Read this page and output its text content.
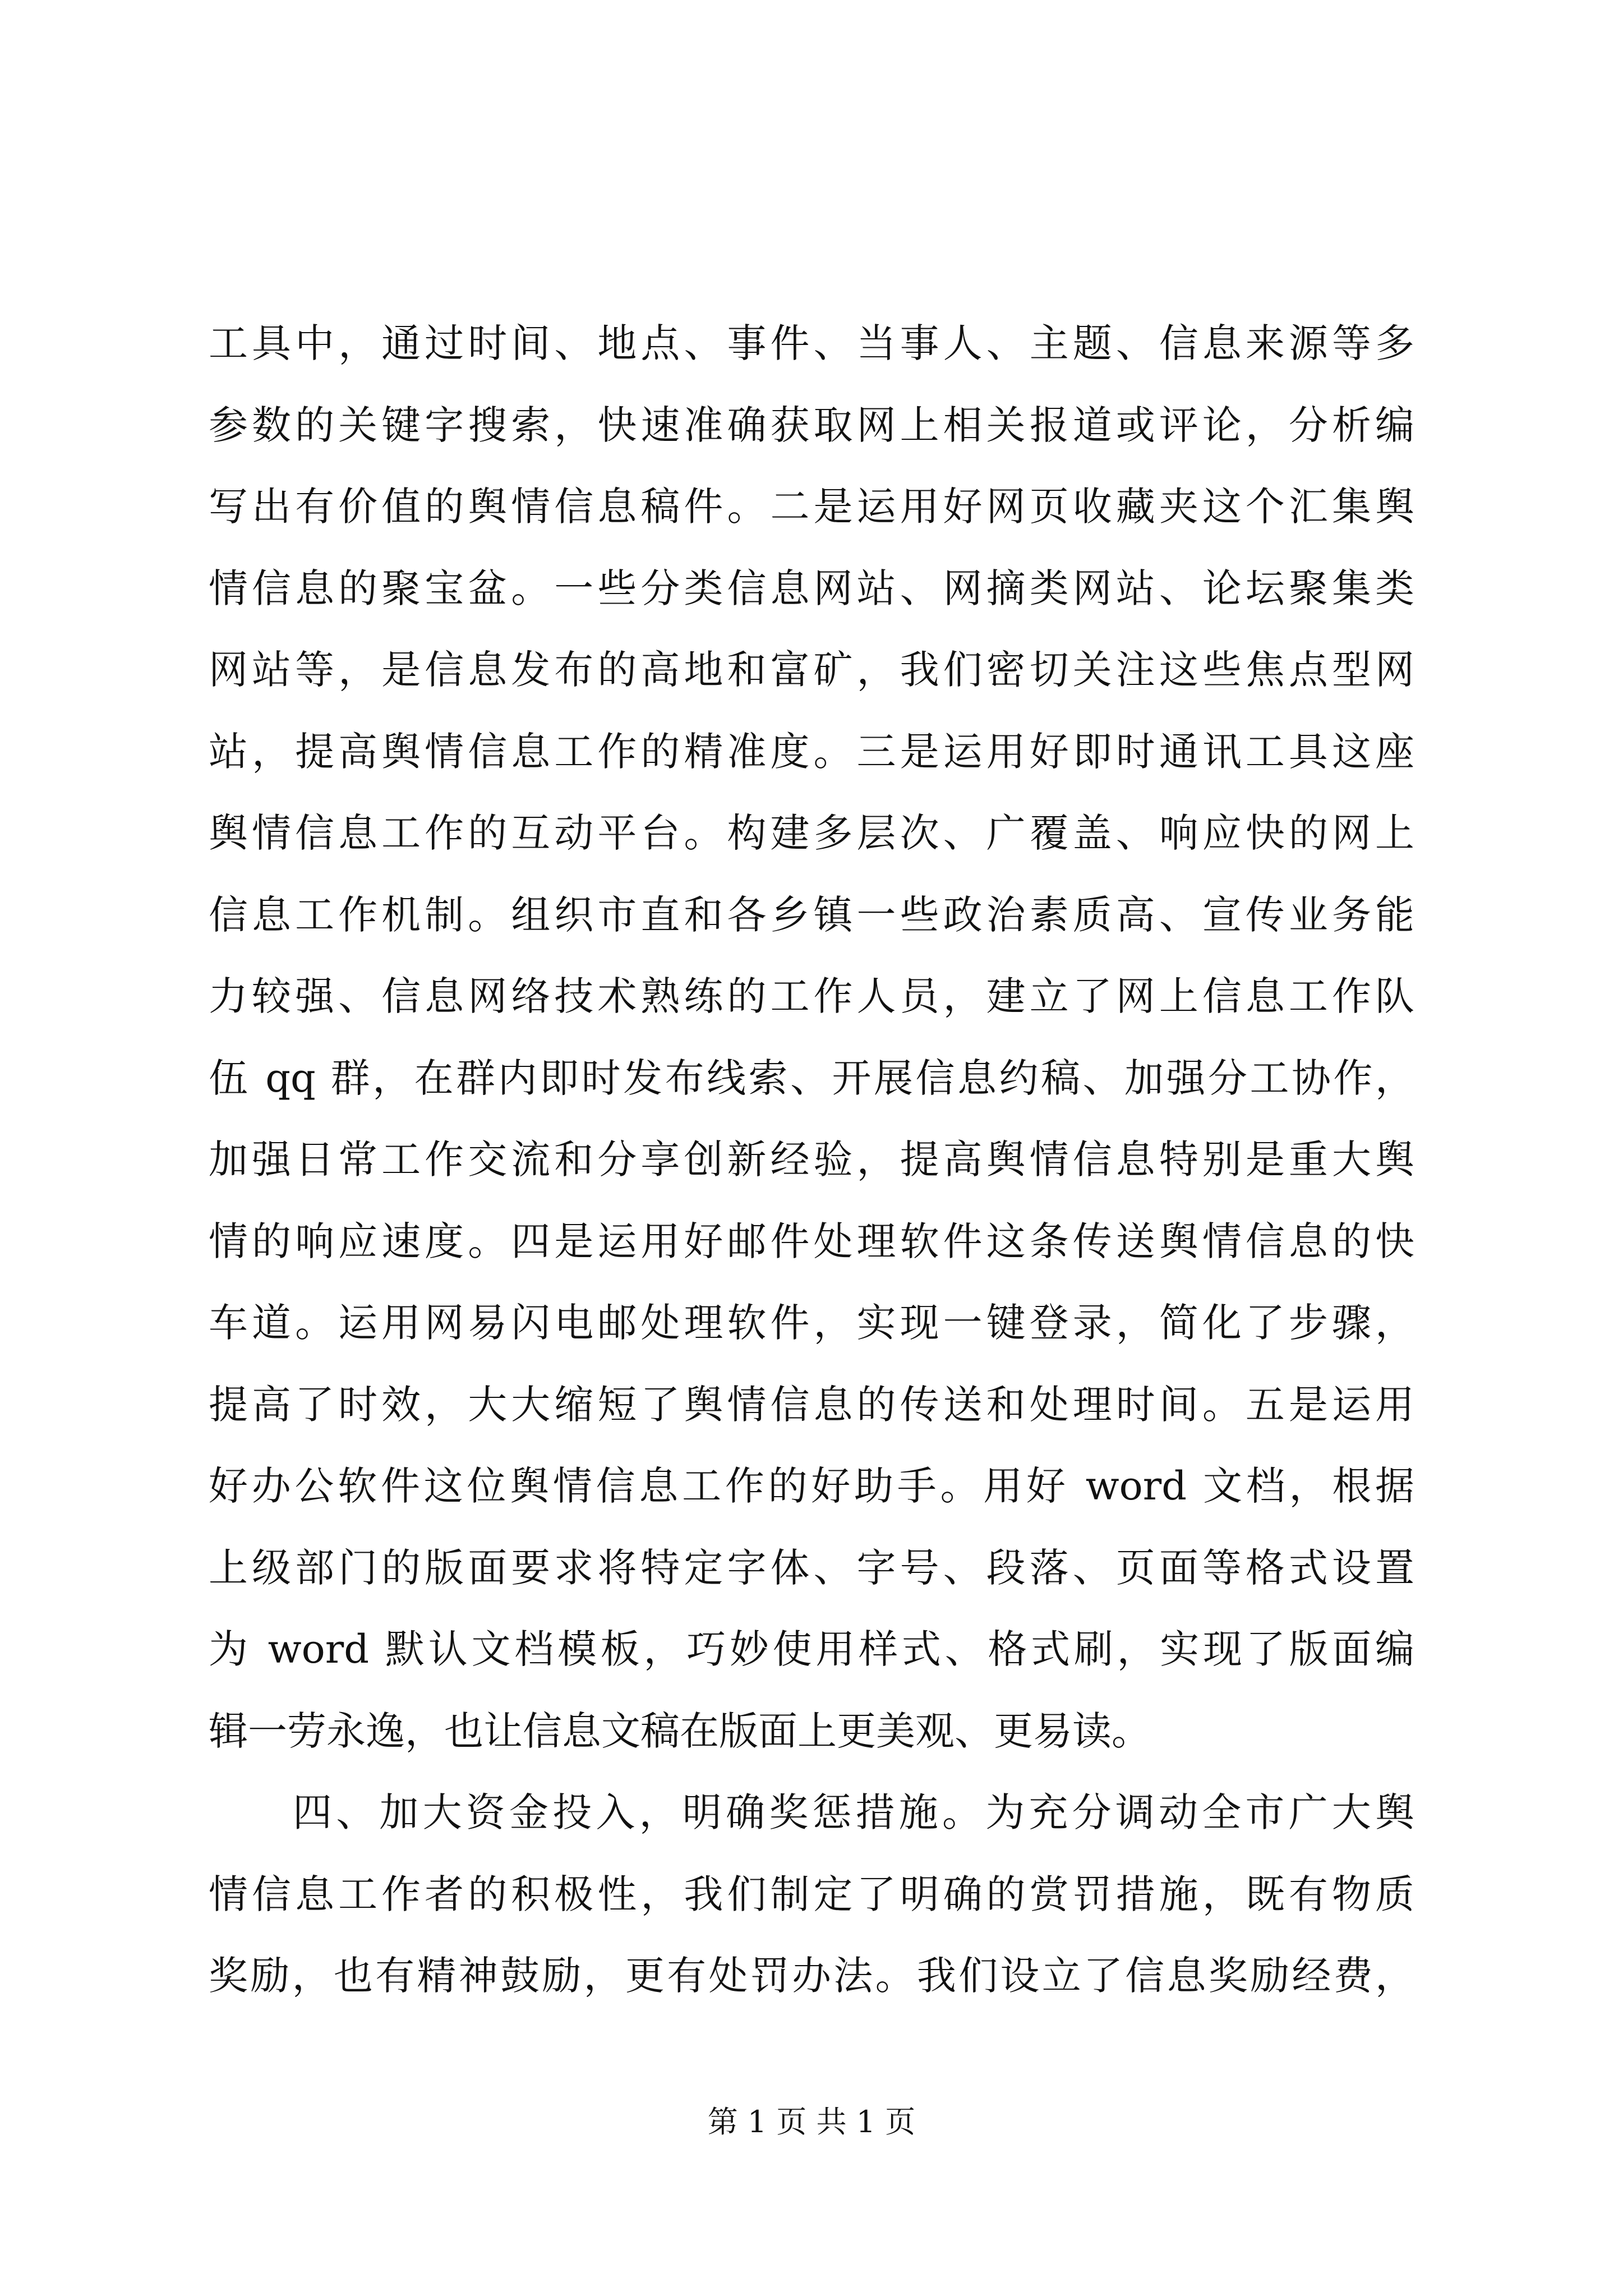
工具中，通过时间、地点、事件、当事人、主题、信息来源等多
参数的关键字搜索，快速准确获取网上相关报道或评论，分析编
写出有价值的舆情信息稿件。二是运用好网页收藏夹这个汇集舆
情信息的聚宝盆。一些分类信息网站、网摘类网站、论坛聚集类
网站等，是信息发布的高地和富矿，我们密切关注这些焦点型网
站，提高舆情信息工作的精准度。三是运用好即时通讯工具这座
舆情信息工作的互动平台。构建多层次、广覆盖、响应快的网上
信息工作机制。组织市直和各乡镇一些政治素质高、宣传业务能
力较强、信息网络技术熟练的工作人员，建立了网上信息工作队
伍 qq 群，在群内即时发布线索、开展信息约稿、加强分工协作，
加强日常工作交流和分享创新经验，提高舆情信息特别是重大舆
情的响应速度。四是运用好邮件处理软件这条传送舆情信息的快
车道。运用网易闪电邮处理软件，实现一键登录，简化了步骤，
提高了时效，大大缩短了舆情信息的传送和处理时间。五是运用
好办公软件这位舆情信息工作的好助手。用好 word 文档，根据
上级部门的版面要求将特定字体、字号、段落、页面等格式设置
为 word 默认文档模板，巧妙使用样式、格式刷，实现了版面编
辑一劳永逸，也让信息文稿在版面上更美观、更易读。
四、加大资金投入，明确奖惩措施。为充分调动全市广大舆
情信息工作者的积极性，我们制定了明确的赏罚措施，既有物质
奖励，也有精神鼓励，更有处罚办法。我们设立了信息奖励经费，
第 1 页 共 1 页
